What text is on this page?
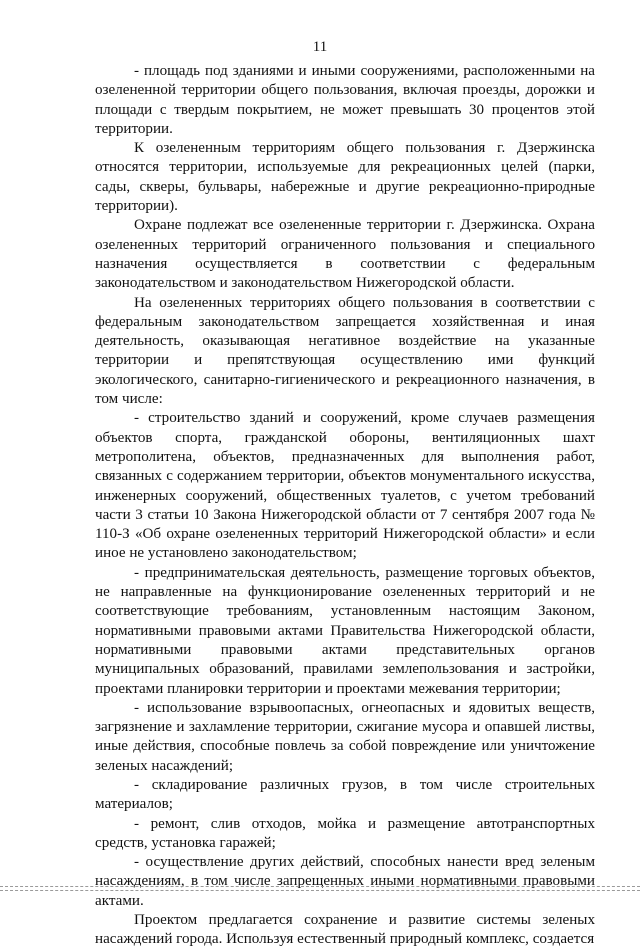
11

- площадь под зданиями и иными сооружениями, расположенными на озелененной территории общего пользования, включая проезды, дорожки и площади с твердым покрытием, не может превышать 30 процентов этой территории.

К озелененным территориям общего пользования г. Дзержинска относятся территории, используемые для рекреационных целей (парки, сады, скверы, бульвары, набережные и другие рекреационно-природные территории).

Охране подлежат все озелененные территории г. Дзержинска. Охрана озелененных территорий ограниченного пользования и специального назначения осуществляется в соответствии с федеральным законодательством и законодательством Нижегородской области.

На озелененных территориях общего пользования в соответствии с федеральным законодательством запрещается хозяйственная и иная деятельность, оказывающая негативное воздействие на указанные территории и препятствующая осуществлению ими функций экологического, санитарно-гигиенического и рекреационного назначения, в том числе:

- строительство зданий и сооружений, кроме случаев размещения объектов спорта, гражданской обороны, вентиляционных шахт метрополитена, объектов, предназначенных для выполнения работ, связанных с содержанием территории, объектов монументального искусства, инженерных сооружений, общественных туалетов, с учетом требований части 3 статьи 10 Закона Нижегородской области от 7 сентября 2007 года № 110-З «Об охране озелененных территорий Нижегородской области» и если иное не установлено законодательством;

- предпринимательская деятельность, размещение торговых объектов, не направленные на функционирование озелененных территорий и не соответствующие требованиям, установленным настоящим Законом, нормативными правовыми актами Правительства Нижегородской области, нормативными правовыми актами представительных органов муниципальных образований, правилами землепользования и застройки, проектами планировки территории и проектами межевания территории;

- использование взрывоопасных, огнеопасных и ядовитых веществ, загрязнение и захламление территории, сжигание мусора и опавшей листвы, иные действия, способные повлечь за собой повреждение или уничтожение зеленых насаждений;

- складирование различных грузов, в том числе строительных материалов;

- ремонт, слив отходов, мойка и размещение автотранспортных средств, установка гаражей;

- осуществление других действий, способных нанести вред зеленым насаждениям, в том числе запрещенных иными нормативными правовыми актами.

Проектом предлагается сохранение и развитие системы зеленых насаждений города. Используя естественный природный комплекс, создается
